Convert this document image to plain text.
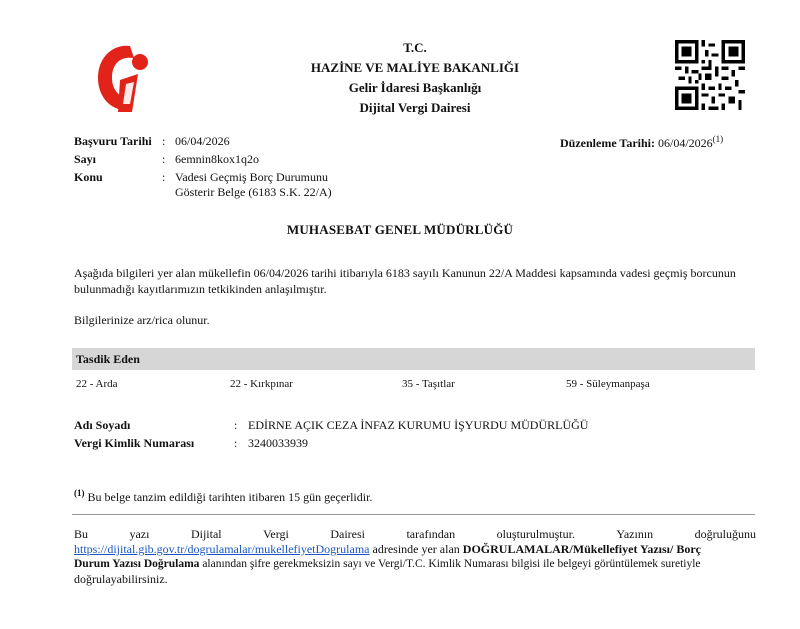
T.C.
HAZİNE VE MALİYE BAKANLIĞI
Gelir İdaresi Başkanlığı
Dijital Vergi Dairesi
Başvuru Tarihi : 06/04/2026
Sayı	: 6emnin8kox1q2o
Konu	: Vadesi Geçmiş Borç Durumunu
Gösterir Belge (6183 S.K. 22/A)
Düzenleme Tarihi: 06/04/2026$^{(1)}$
MUHASEBAT GENEL MÜDÜRLÜĞÜ
Aşağıda bilgileri yer alan mükellefin 06/04/2026 tarihi itibarıyla 6183 sayılı Kanunun 22/A Maddesi kapsamında vadesi geçmiş borcunun
bulunmadığı kayıtlarımızın tetkikinden anlaşılmıştır.
Bilgilerinize arz/rica olunur.
Tasdik Eden
22 - Arda	22 - Kırkpınar	35 - Taşıtlar	59 - Süleymanpaşa
Adı Soyadı	: EDİRNE AÇIK CEZA İNFAZ KURUMU İŞYURDU MÜDÜRLÜĞÜ
Vergi Kimlik Numarası	: 3240033939
$^{(1)}$ Bu belge tanzim edildiği tarihten itibaren 15 gün geçerlidir.
Bu	yazı	Dijital	Vergi	Dairesi	tarafından	oluşturulmuştur.	Yazının	doğruluğunu
https://dijital.gib.gov.tr/dogrulamalar/mukellefiyetDogrulama adresinde yer alan DOĞRULAMALAR/Mükellefiyet Yazısı/ Borç
Durum Yazısı Doğrulama alanından şifre gerekmeksizin sayı ve Vergi/T.C. Kimlik Numarası bilgisi ile belgeyi görüntülemek suretiyle
doğrulayabilirsiniz.
